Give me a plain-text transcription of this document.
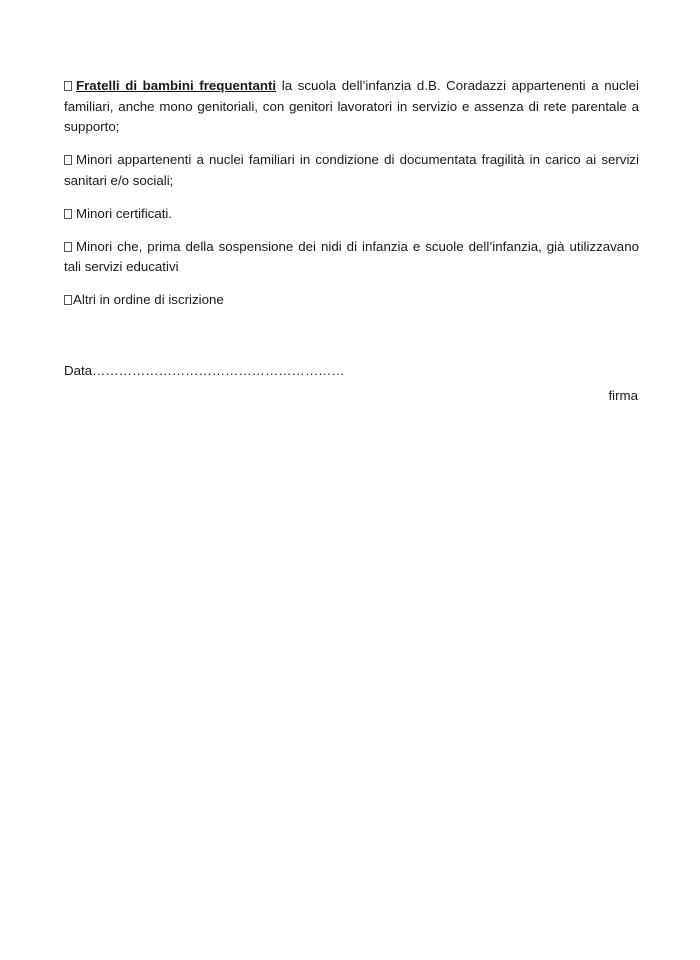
Fratelli di bambini frequentanti la scuola dell’infanzia d.B. Coradazzi appartenenti a nuclei familiari, anche mono genitoriali, con genitori lavoratori in servizio e assenza di rete parentale a supporto;

Minori appartenenti a nuclei familiari in condizione di documentata fragilità in carico ai servizi sanitari e/o sociali;

Minori certificati.

Minori che, prima della sospensione dei nidi di infanzia e scuole dell’infanzia, già utilizzavano tali servizi educativi

Altri in ordine di iscrizione

Data…………………………………………………
firma
